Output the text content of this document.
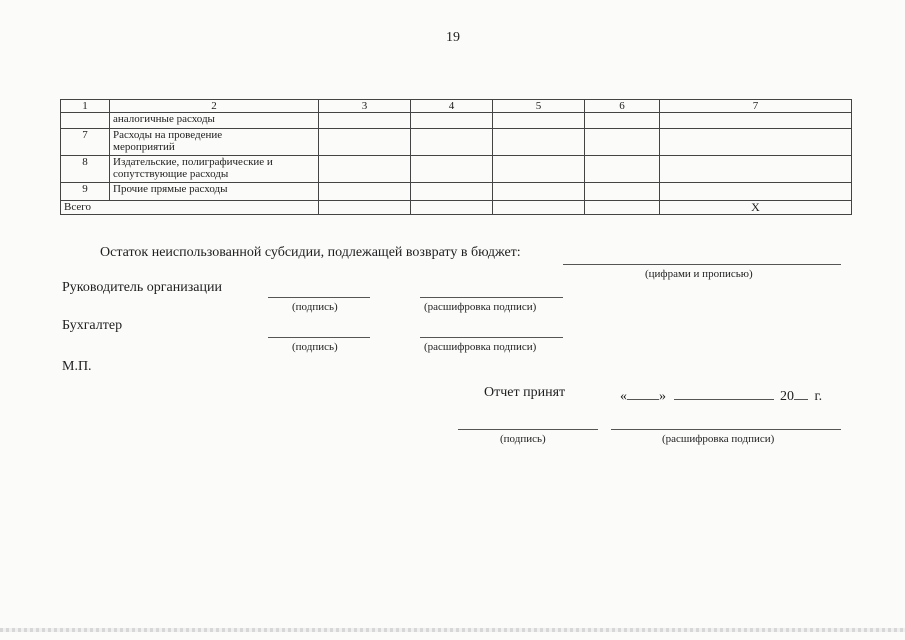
19
1	2	3	4	5	6	7

	аналогичные расходы					

7	Расходы на проведение
мероприятий					

8	Издательские, полиграфические и
сопутствующие расходы					

9	Прочие прямые расходы					

Всего						X
Остаток неиспользованной субсидии, подлежащей возврату в бюджет:
(цифрами и прописью)
Руководитель организации
(подпись)	(расшифровка подписи)
Бухгалтер
(подпись)	(расшифровка подписи)
М.П.
Отчет принят	« »	20 г.
(подпись)	(расшифровка подписи)
